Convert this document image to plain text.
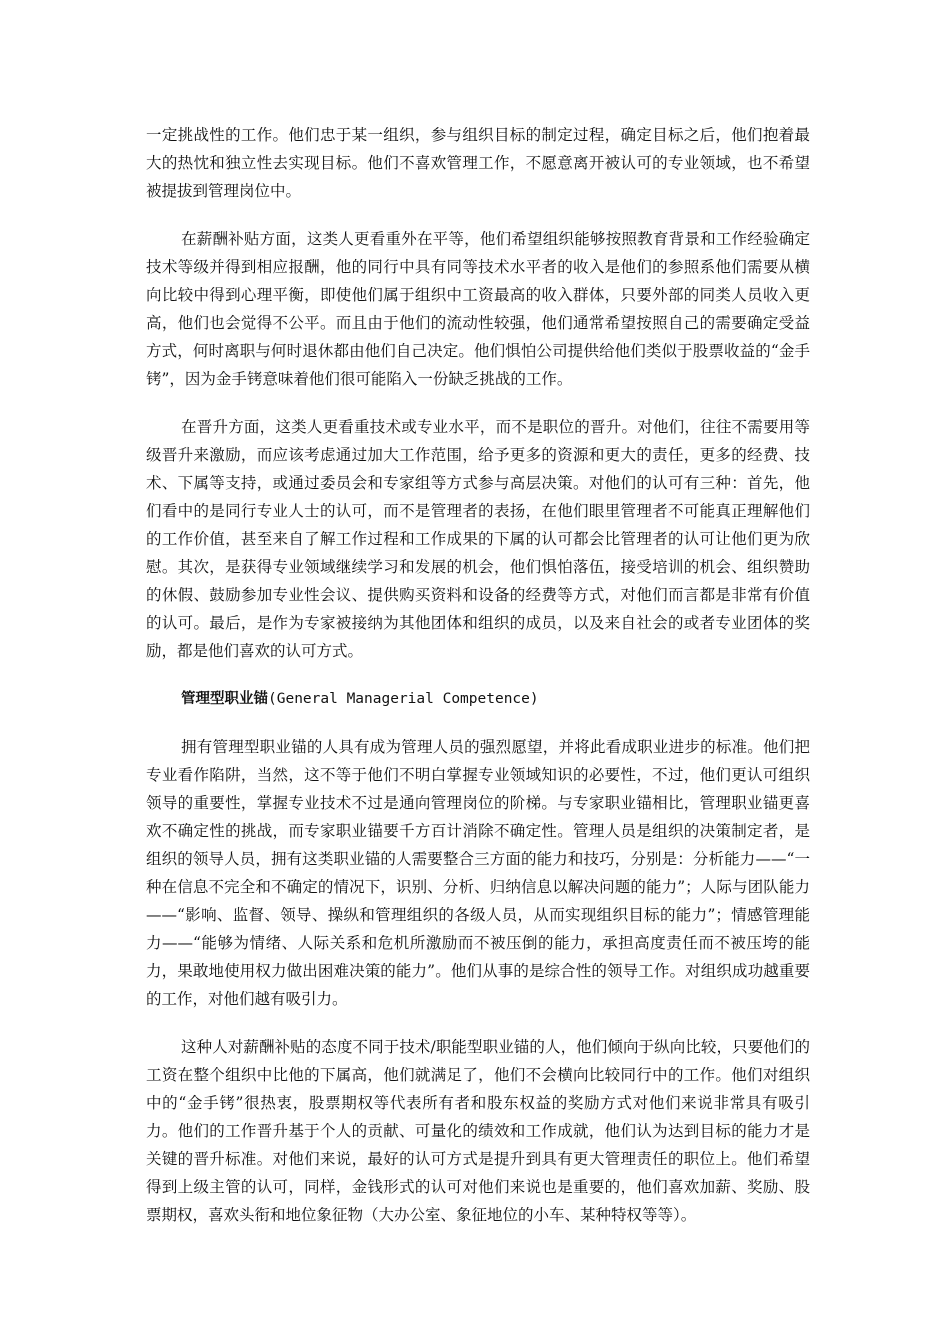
一定挑战性的工作。他们忠于某一组织，参与组织目标的制定过程，确定目标之后，他们抱着最大的热忱和独立性去实现目标。他们不喜欢管理工作，不愿意离开被认可的专业领域，也不希望被提拔到管理岗位中。

在薪酬补贴方面，这类人更看重外在平等，他们希望组织能够按照教育背景和工作经验确定技术等级并得到相应报酬，他的同行中具有同等技术水平者的收入是他们的参照系他们需要从横向比较中得到心理平衡，即使他们属于组织中工资最高的收入群体，只要外部的同类人员收入更高，他们也会觉得不公平。而且由于他们的流动性较强，他们通常希望按照自己的需要确定受益方式，何时离职与何时退休都由他们自己决定。他们惧怕公司提供给他们类似于股票收益的“金手铐”，因为金手铐意味着他们很可能陷入一份缺乏挑战的工作。

在晋升方面，这类人更看重技术或专业水平，而不是职位的晋升。对他们，往往不需要用等级晋升来激励，而应该考虑通过加大工作范围，给予更多的资源和更大的责任，更多的经费、技术、下属等支持，或通过委员会和专家组等方式参与高层决策。对他们的认可有三种：首先，他们看中的是同行专业人士的认可，而不是管理者的表扬，在他们眼里管理者不可能真正理解他们的工作价值，甚至来自了解工作过程和工作成果的下属的认可都会比管理者的认可让他们更为欣慰。其次，是获得专业领域继续学习和发展的机会，他们惧怕落伍，接受培训的机会、组织赞助的休假、鼓励参加专业性会议、提供购买资料和设备的经费等方式，对他们而言都是非常有价值的认可。最后，是作为专家被接纳为其他团体和组织的成员，以及来自社会的或者专业团体的奖励，都是他们喜欢的认可方式。

管理型职业锚(General Managerial Competence)

拥有管理型职业锚的人具有成为管理人员的强烈愿望，并将此看成职业进步的标准。他们把专业看作陷阱，当然，这不等于他们不明白掌握专业领域知识的必要性，不过，他们更认可组织领导的重要性，掌握专业技术不过是通向管理岗位的阶梯。与专家职业锚相比，管理职业锚更喜欢不确定性的挑战，而专家职业锚要千方百计消除不确定性。管理人员是组织的决策制定者，是组织的领导人员，拥有这类职业锚的人需要整合三方面的能力和技巧，分别是：分析能力——“一种在信息不完全和不确定的情况下，识别、分析、归纳信息以解决问题的能力”；人际与团队能力——“影响、监督、领导、操纵和管理组织的各级人员，从而实现组织目标的能力”；情感管理能力——“能够为情绪、人际关系和危机所激励而不被压倒的能力，承担高度责任而不被压垮的能力，果敢地使用权力做出困难决策的能力”。他们从事的是综合性的领导工作。对组织成功越重要的工作，对他们越有吸引力。

这种人对薪酬补贴的态度不同于技术/职能型职业锚的人，他们倾向于纵向比较，只要他们的工资在整个组织中比他的下属高，他们就满足了，他们不会横向比较同行中的工作。他们对组织中的“金手铐”很热衷，股票期权等代表所有者和股东权益的奖励方式对他们来说非常具有吸引力。他们的工作晋升基于个人的贡献、可量化的绩效和工作成就，他们认为达到目标的能力才是关键的晋升标准。对他们来说，最好的认可方式是提升到具有更大管理责任的职位上。他们希望得到上级主管的认可，同样，金钱形式的认可对他们来说也是重要的，他们喜欢加薪、奖励、股票期权，喜欢头衔和地位象征物（大办公室、象征地位的小车、某种特权等等）。
